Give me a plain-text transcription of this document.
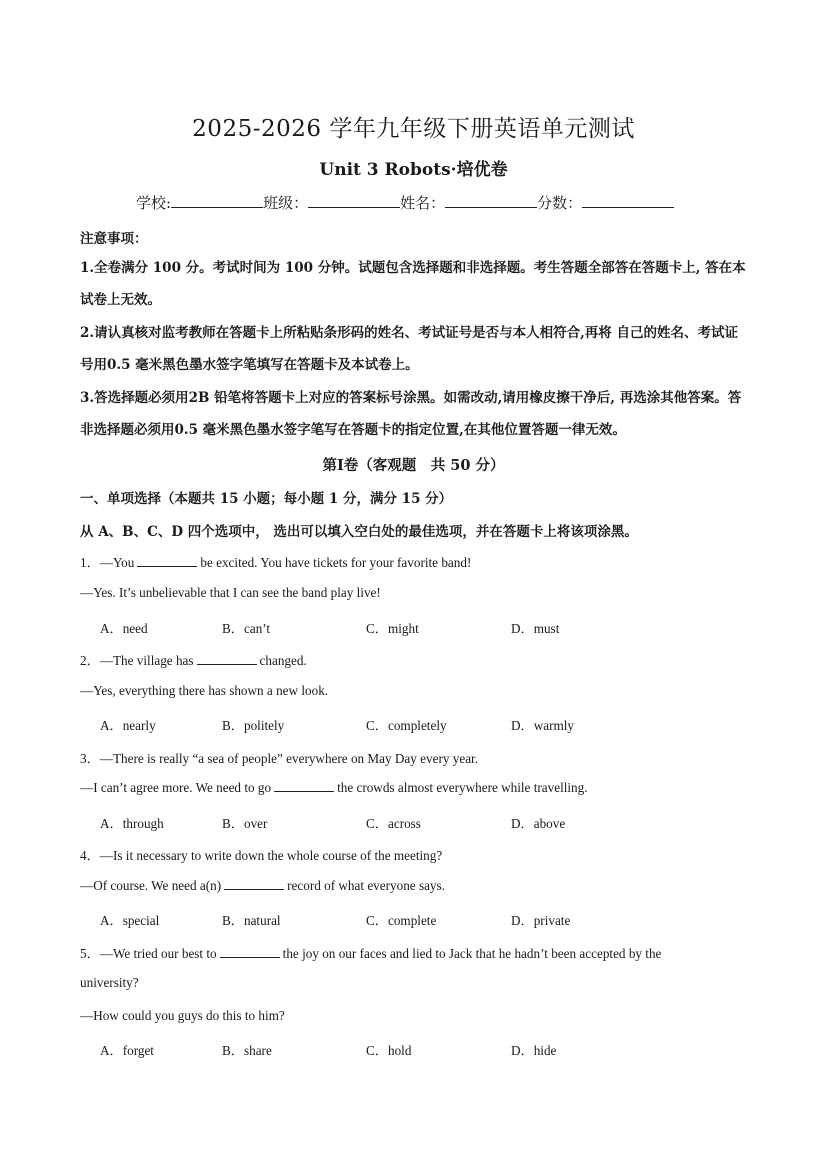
2025-2026 学年九年级下册英语单元测试
Unit 3 Robots·培优卷
学校:	班级：	姓名：	分数：
注意事项：
1.全卷满分 100 分。考试时间为 100 分钟。试题包含选择题和非选择题。考生答题全部答在答题卡上, 答在本试卷上无效。
2.请认真核对监考教师在答题卡上所粘贴条形码的姓名、考试证号是否与本人相符合,再将 自己的姓名、考试证号用0.5 毫米黑色墨水签字笔填写在答题卡及本试卷上。
3.答选择题必须用2B 铅笔将答题卡上对应的答案标号涂黑。如需改动,请用橡皮擦干净后, 再选涂其他答案。答非选择题必须用0.5 毫米黑色墨水签字笔写在答题卡的指定位置,在其他位置答题一律无效。
第Ⅰ卷（客观题　共 50 分）
一、单项选择（本题共 15 小题；每小题 1 分，满分 15 分）
从 A、B、C、D 四个选项中， 选出可以填入空白处的最佳选项，并在答题卡上将该项涂黑。
1．—You	be excited. You have tickets for your favorite band!
—Yes. It’s unbelievable that I can see the band play live!
A．need	B．can’t	C．might	D．must
2．—The village has	changed.
—Yes, everything there has shown a new look.
A．nearly	B．politely	C．completely	D．warmly
3．—There is really “a sea of people” everywhere on May Day every year.
—I can’t agree more. We need to go	the crowds almost everywhere while travelling.
A．through	B．over	C．across	D．above
4．—Is it necessary to write down the whole course of the meeting?
—Of course. We need a(n)	record of what everyone says.
A．special	B．natural	C．complete	D．private
5．—We tried our best to	the joy on our faces and lied to Jack that he hadn’t been accepted by the
university?
—How could you guys do this to him?
A．forget	B．share	C．hold	D．hide
